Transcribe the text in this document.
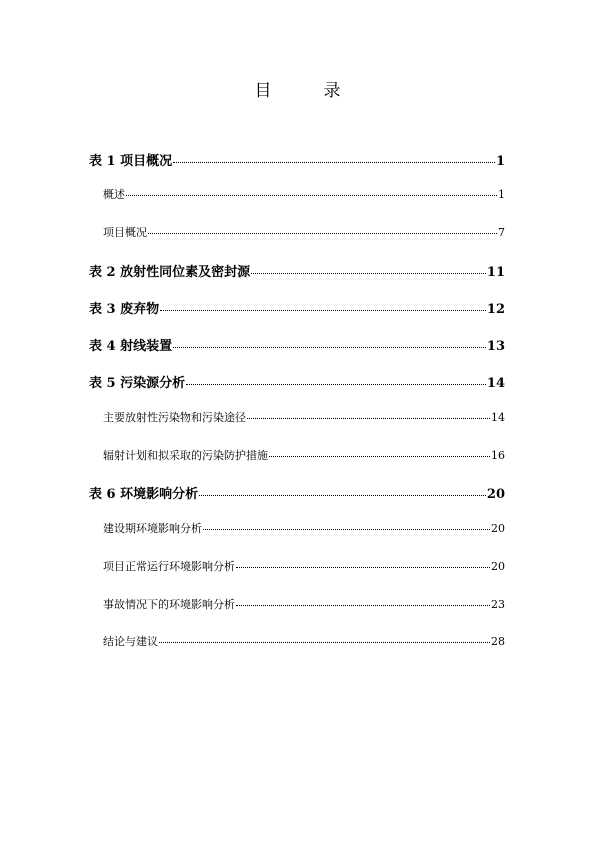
目	录
表 1 项目概况	1
概述	1
项目概况	7
表 2 放射性同位素及密封源	11
表 3 废弃物	12
表 4 射线装置	13
表 5 污染源分析	14
主要放射性污染物和污染途径	14
辐射计划和拟采取的污染防护措施	16
表 6 环境影响分析	20
建设期环境影响分析	20
项目正常运行环境影响分析	20
事故情况下的环境影响分析	23
结论与建议	28
